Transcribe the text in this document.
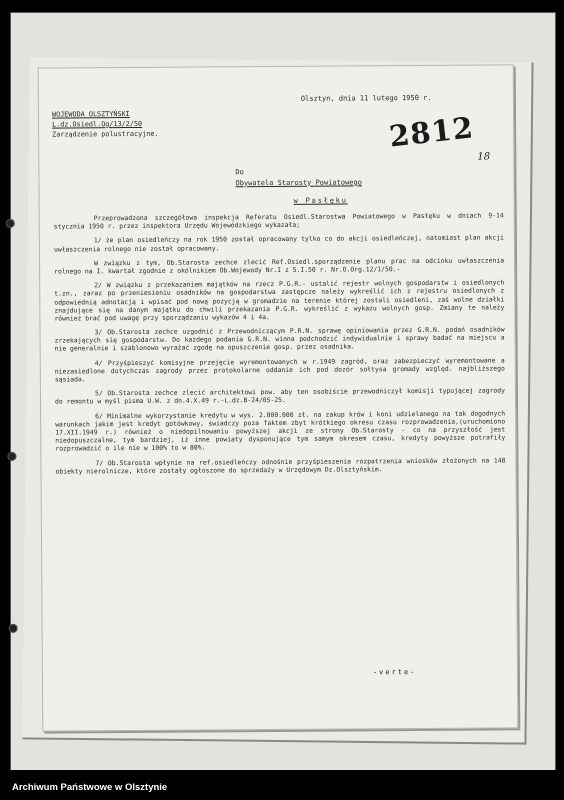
WOJEWODA OLSZTYŃSKI
L.dz.Osiedl.Og/13/2/50
Zarządzenie polustracyjne.
Olsztyn, dnia 11 lutego 1950 r.
2812
18
Do
Obywatela Starosty Powiatowego
w Pasłęku

Przeprowadzona szczegółowa inspekcja Referatu Osiedl.Starostwa Powiatowego w Pasłęku w dniach 9-14 stycznia 1950 r. przez inspektora Urzędu Wojewódzkiego wykazała;

1/ że plan osiedleńczy na rok 1950 został opracowany tylko co do akcji osiedleńczej, natomiast plan akcji uwłaszczenia rolnego nie został opracowany.

W związku z tym, Ob.Starosta zechce zlecić Ref.Osiedl.sporządzenie planu prac na odcinku uwłaszczenia rolnego na I. kwartał zgodnie z okólnikiem Ob.Wojewody Nr.I z 5.I.50 r. Nr.O.Org.12/1/50.-

2/ W związku z przekazaniem majątków na rzecz P.G.R.- ustalić rejestr wolnych gospodarstw i osiedlonych t.zn., zaraz po przeniesieniu osadników na gospodarstwa zastępcze należy wykreślić ich z rejestru osiedlonych z odpowiednią adnotacją i wpisać pod nową pozycją w gromadzie na terenie której zostali osiedleni, zaś wolne działki znajdujące się na danym majątku do chwili przekazania P.G.R. wykreślić z wykazu wolnych gosp. Zmiany te należy również brać pod uwagę przy sporządzaniu wykazów 4 i 4a.

3/ Ob.Starosta zechce uzgodnić z Przewodniczącym P.R.N. sprawę opiniowania przez G.R.N. podań osadników zrzekających się gospodarstw. Do każdego podania G.R.N. winna podchodzić indywidualnie i sprawy badać na miejscu a nie generalnie i szablonowo wyrażać zgodę na opuszczenie gosp. przez osadnika.

4/ Przyśpieszyć komisyjne przejęcie wyremontowanych w r.1949 zagród, oraz zabezpieczyć wyremontowane a niezasiedlone dotychczas zagrody przez protokolarne oddanie ich pod dozór sołtysa gromady względ. najbliższego sąsiada.

5/ Ob.Starosta zechce zlecić architektowi pow. aby ten osobiście przewodniczył komisji typującej zagrody do remontu w myśl pisma U.W. z dn.4.X.49 r.-L.dz.B-24/05-25.

6/ Minimalne wykorzystanie kredytu w wys. 2.000.000 zł. na zakup krów i koni udzielanego na tak dogodnych warunkach jakim jest kredyt gotówkowy, świadczy poza faktem zbyt krótkiego okresu czasu rozprowadzenia,(uruchomiono 17.XII.1949 r.) również o niedopilnowaniu powyższej akcji ze strony Ob.Starosty - co na przyszłość jest niedopuszczalne, tym bardziej, iż inne powiaty dysponujące tym samym okresem czasu, kredyty powyższe potrafiły rozprowadzić o ile nie w 100% to w 80%.

7/ Ob.Starosta wpłynie na ref.osiedleńczy odnośnie przyśpieszenia rozpatrzenia wniosków złożonych na 148 obiekty nierolnicze, które zostały ogłoszone do sprzedaży w Urzędowym Dz.Olsztyńskim.

-verte-
Archiwum Państwowe w Olsztynie
